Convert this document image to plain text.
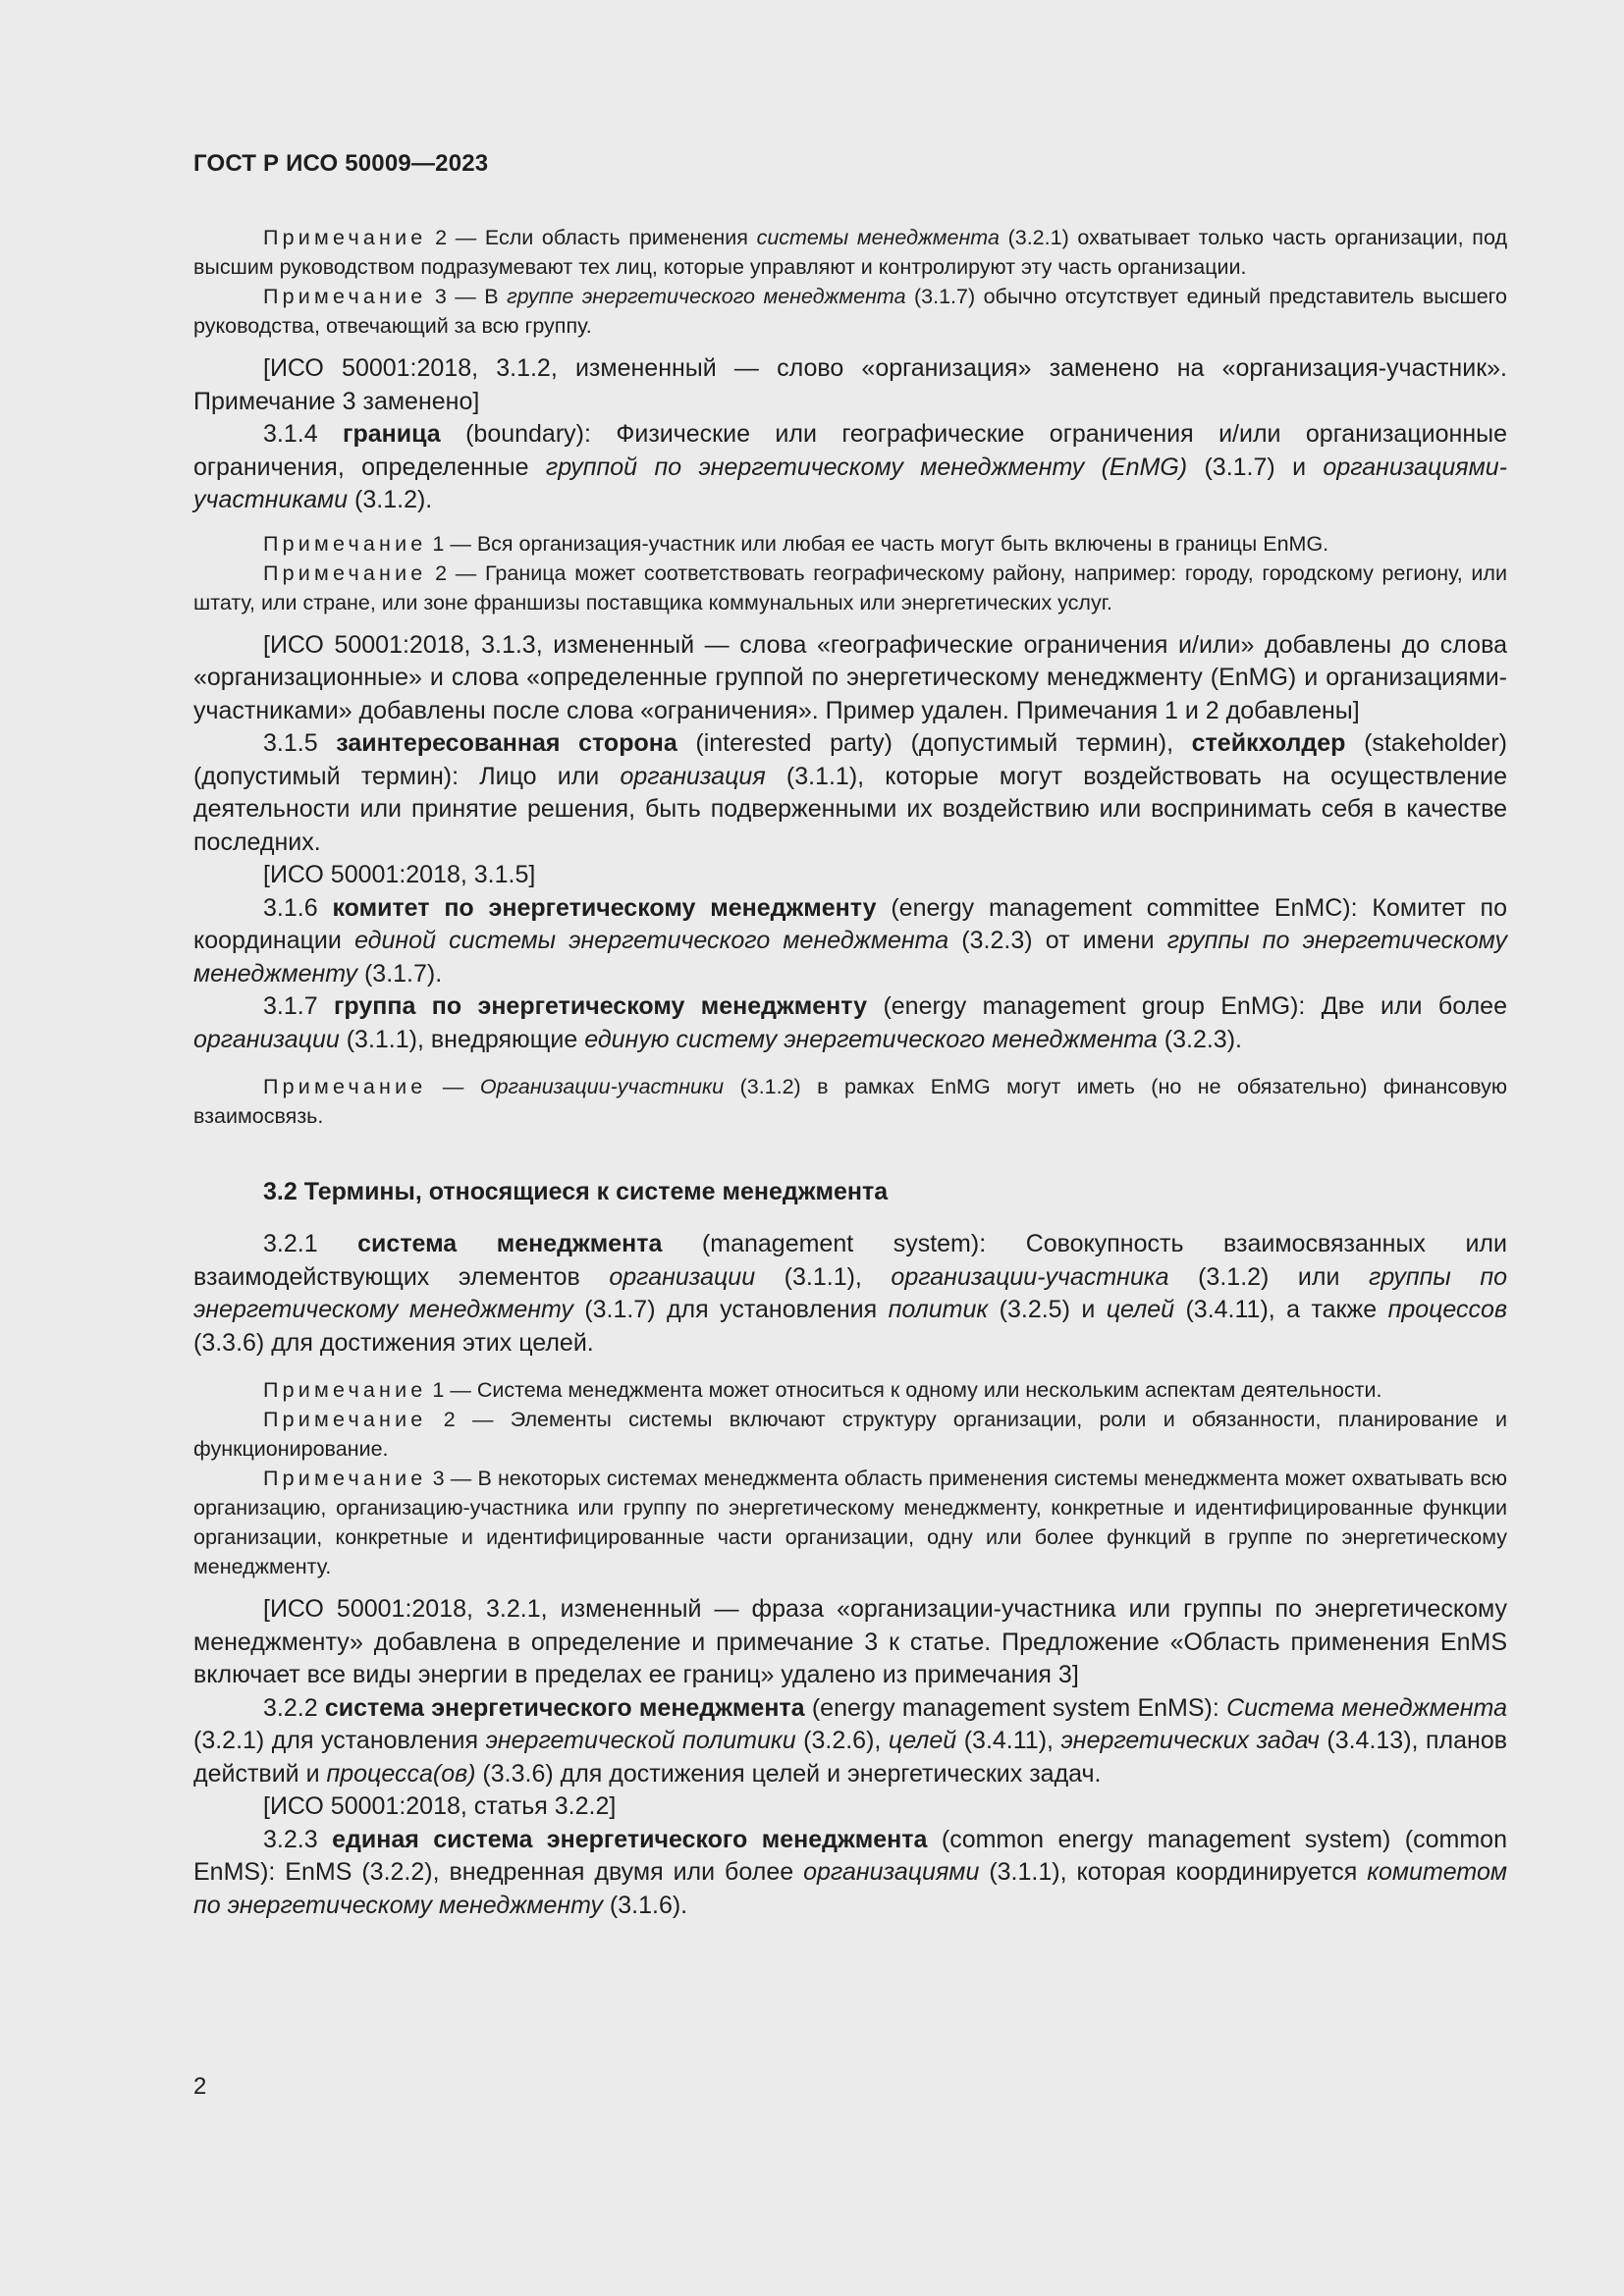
ГОСТ Р ИСО 50009—2023

Примечание 2 — Если область применения системы менеджмента (3.2.1) охватывает только часть организации, под высшим руководством подразумевают тех лиц, которые управляют и контролируют эту часть организации.

Примечание 3 — В группе энергетического менеджмента (3.1.7) обычно отсутствует единый представитель высшего руководства, отвечающий за всю группу.

[ИСО 50001:2018, 3.1.2, измененный — слово «организация» заменено на «организация-участник». Примечание 3 заменено]

3.1.4 граница (boundary): Физические или географические ограничения и/или организационные ограничения, определенные группой по энергетическому менеджменту (EnMG) (3.1.7) и организациями-участниками (3.1.2).

Примечание 1 — Вся организация-участник или любая ее часть могут быть включены в границы EnMG.

Примечание 2 — Граница может соответствовать географическому району, например: городу, городскому региону, или штату, или стране, или зоне франшизы поставщика коммунальных или энергетических услуг.

[ИСО 50001:2018, 3.1.3, измененный — слова «географические ограничения и/или» добавлены до слова «организационные» и слова «определенные группой по энергетическому менеджменту (EnMG) и организациями-участниками» добавлены после слова «ограничения». Пример удален. Примечания 1 и 2 добавлены]

3.1.5 заинтересованная сторона (interested party) (допустимый термин), стейкхолдер (stakeholder) (допустимый термин): Лицо или организация (3.1.1), которые могут воздействовать на осуществление деятельности или принятие решения, быть подверженными их воздействию или воспринимать себя в качестве последних.

[ИСО 50001:2018, 3.1.5]

3.1.6 комитет по энергетическому менеджменту (energy management committee EnMC): Комитет по координации единой системы энергетического менеджмента (3.2.3) от имени группы по энергетическому менеджменту (3.1.7).

3.1.7 группа по энергетическому менеджменту (energy management group EnMG): Две или более организации (3.1.1), внедряющие единую систему энергетического менеджмента (3.2.3).

Примечание — Организации-участники (3.1.2) в рамках EnMG могут иметь (но не обязательно) финансовую взаимосвязь.

3.2 Термины, относящиеся к системе менеджмента

3.2.1 система менеджмента (management system): Совокупность взаимосвязанных или взаимодействующих элементов организации (3.1.1), организации-участника (3.1.2) или группы по энергетическому менеджменту (3.1.7) для установления политик (3.2.5) и целей (3.4.11), а также процессов (3.3.6) для достижения этих целей.

Примечание 1 — Система менеджмента может относиться к одному или нескольким аспектам деятельности.

Примечание 2 — Элементы системы включают структуру организации, роли и обязанности, планирование и функционирование.

Примечание 3 — В некоторых системах менеджмента область применения системы менеджмента может охватывать всю организацию, организацию-участника или группу по энергетическому менеджменту, конкретные и идентифицированные функции организации, конкретные и идентифицированные части организации, одну или более функций в группе по энергетическому менеджменту.

[ИСО 50001:2018, 3.2.1, измененный — фраза «организации-участника или группы по энергетическому менеджменту» добавлена в определение и примечание 3 к статье. Предложение «Область применения EnMS включает все виды энергии в пределах ее границ» удалено из примечания 3]

3.2.2 система энергетического менеджмента (energy management system EnMS): Система менеджмента (3.2.1) для установления энергетической политики (3.2.6), целей (3.4.11), энергетических задач (3.4.13), планов действий и процесса(ов) (3.3.6) для достижения целей и энергетических задач.

[ИСО 50001:2018, статья 3.2.2]

3.2.3 единая система энергетического менеджмента (common energy management system) (common EnMS): EnMS (3.2.2), внедренная двумя или более организациями (3.1.1), которая координируется комитетом по энергетическому менеджменту (3.1.6).

2
